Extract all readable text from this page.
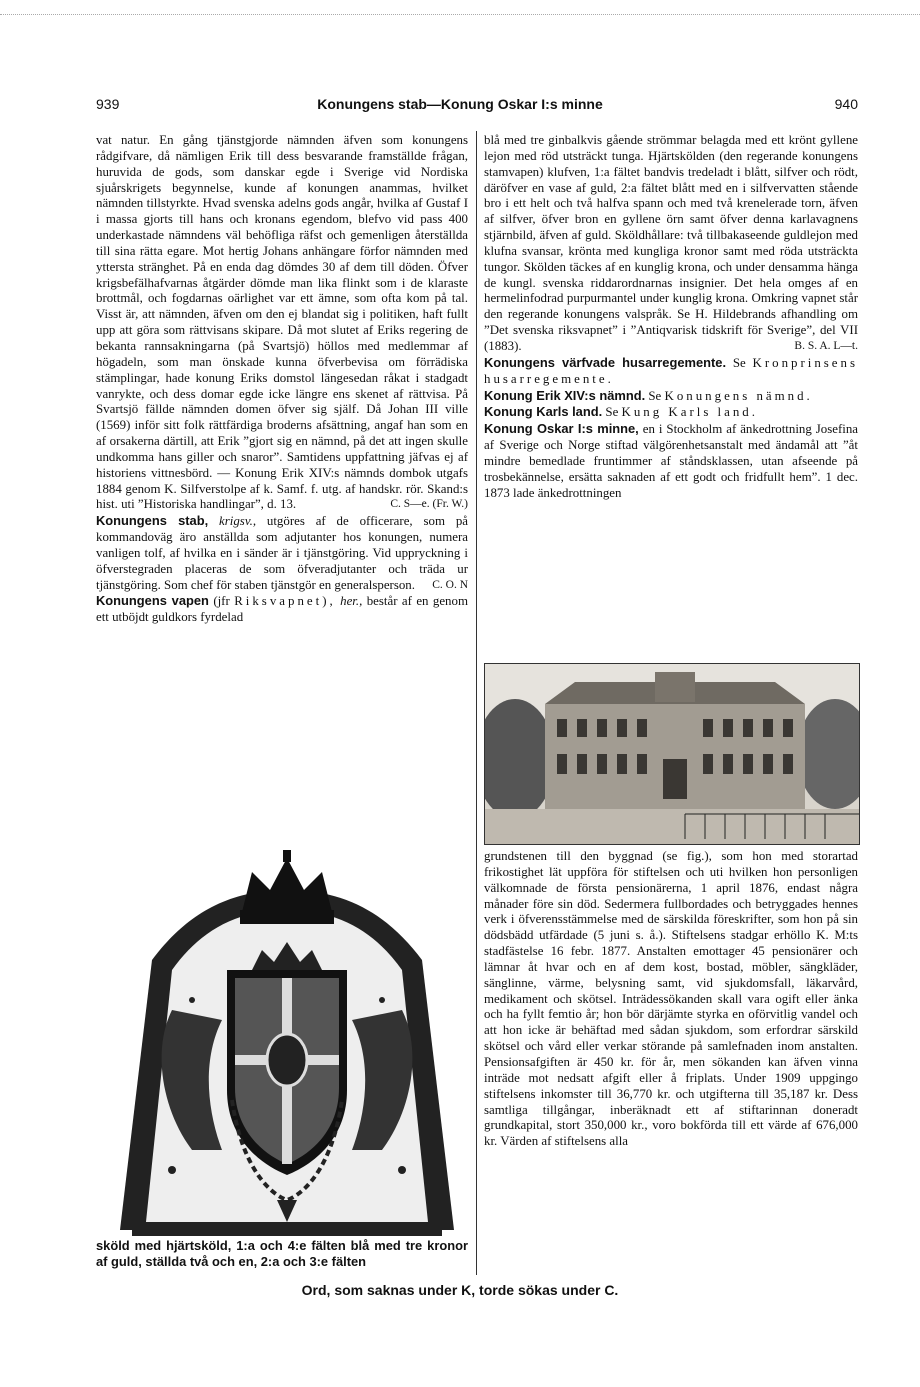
939	Konungens stab—Konung Oskar I:s minne	940

vat natur. En gång tjänstgjorde nämnden äfven som konungens rådgifvare, då nämligen Erik till dess besvarande framställde frågan, huruvida de gods, som danskar egde i Sverige vid Nordiska sjuårskrigets begynnelse, kunde af konungen anammas, hvilket nämnden tillstyrkte. Hvad svenska adelns gods angår, hvilka af Gustaf I i massa gjorts till hans och kronans egendom, blefvo vid pass 400 underkastade nämndens väl behöfliga räfst och gemenligen återställda till sina rätta egare. Mot hertig Johans anhängare förfor nämnden med yttersta stränghet. På en enda dag dömdes 30 af dem till döden. Öfver krigsbefälhafvarnas åtgärder dömde man lika flinkt som i de klaraste brottmål, och fogdarnas oärlighet var ett ämne, som ofta kom på tal. Visst är, att nämnden, äfven om den ej blandat sig i politiken, haft fullt upp att göra som rättvisans skipare. Då mot slutet af Eriks regering de bekanta rannsakningarna (på Svartsjö) höllos med medlemmar af högadeln, som man önskade kunna öfverbevisa om förrädiska stämplingar, hade konung Eriks domstol längesedan råkat i stadgadt vanrykte, och dess domar egde icke längre ens skenet af rättvisa. På Svartsjö fällde nämnden domen öfver sig själf. Då Johan III ville (1569) inför sitt folk rättfärdiga broderns afsättning, angaf han som en af orsakerna därtill, att Erik ”gjort sig en nämnd, på det att ingen skulle undkomma hans giller och snaror”. Samtidens uppfattning jäfvas ej af historiens vittnesbörd. — Konung Erik XIV:s nämnds dombok utgafs 1884 genom K. Silfverstolpe af k. Samf. f. utg. af handskr. rör. Skand:s hist. uti ”Historiska handlingar”, d. 13.	C. S—e. (Fr. W.)

Konungens stab, krigsv., utgöres af de officerare, som på kommandoväg äro anställda som adjutanter hos konungen, numera vanligen tolf, af hvilka en i sänder är i tjänstgöring. Vid uppryckning i öfverstegraden placeras de som öfveradjutanter och träda ur tjänstgöring. Som chef för staben tjänstgör en generalsperson. C. O. N

Konungens vapen (jfr Riksvapnet), her., består af en genom ett utböjdt guldkors fyrdelad

sköld med hjärtsköld, 1:a och 4:e fälten blå med tre kronor af guld, ställda två och en, 2:a och 3:e fälten

blå med tre ginbalkvis gående strömmar belagda med ett krönt gyllene lejon med röd utsträckt tunga. Hjärtskölden (den regerande konungens stamvapen) klufven, 1:a fältet bandvis tredeladt i blått, silfver och rödt, däröfver en vase af guld, 2:a fältet blått med en i silfvervatten stående bro i ett helt och två halfva spann och med två krenelerade torn, äfven af silfver, öfver bron en gyllene örn samt öfver denna karlavagnens stjärnbild, äfven af guld. Sköldhållare: två tillbakaseende guldlejon med klufna svansar, krönta med kungliga kronor samt med röda utsträckta tungor. Skölden täckes af en kunglig krona, och under densamma hänga de kungl. svenska riddarordnarnas insignier. Det hela omges af en hermelinfodrad purpurmantel under kunglig krona. Omkring vapnet står den regerande konungens valspråk. Se H. Hildebrands afhandling om ”Det svenska riksvapnet” i ”Antiqvarisk tidskrift för Sverige”, del VII (1883).	B. S. A. L—t.

Konungens värfvade husarregemente. Se Kronprinsens husarregemente.

Konung Erik XIV:s nämnd. Se Konungens nämnd.

Konung Karls land. Se Kung Karls land.

Konung Oskar I:s minne, en i Stockholm af änkedrottning Josefina af Sverige och Norge stiftad välgörenhetsanstalt med ändamål att ”åt mindre bemedlade fruntimmer af ståndsklassen, utan afseende på trosbekännelse, ersätta saknaden af ett godt och fridfullt hem”. 1 dec. 1873 lade änkedrottningen

grundstenen till den byggnad (se fig.), som hon med storartad frikostighet lät uppföra för stiftelsen och uti hvilken hon personligen välkomnade de första pensionärerna, 1 april 1876, endast några månader före sin död. Sedermera fullbordades och betryggades hennes verk i öfverensstämmelse med de särskilda föreskrifter, som hon på sin dödsbädd utfärdade (5 juni s. å.). Stiftelsens stadgar erhöllo K. M:ts stadfästelse 16 febr. 1877. Anstalten emottager 45 pensionärer och lämnar åt hvar och en af dem kost, bostad, möbler, sängkläder, sänglinne, värme, belysning samt, vid sjukdomsfall, läkarvård, medikament och skötsel. Inträdessökanden skall vara ogift eller änka och ha fyllt femtio år; hon bör därjämte styrka en oförvitlig vandel och att hon icke är behäftad med sådan sjukdom, som erfordrar särskild skötsel och vård eller verkar störande på samlefnaden inom anstalten. Pensionsafgiften är 450 kr. för år, men sökanden kan äfven vinna inträde mot nedsatt afgift eller å friplats. Under 1909 uppgingo stiftelsens inkomster till 36,770 kr. och utgifterna till 35,187 kr. Dess samtliga tillgångar, inberäknadt ett af stiftarinnan doneradt grundkapital, stort 350,000 kr., voro bokförda till ett värde af 676,000 kr. Värden af stiftelsens alla

Ord, som saknas under K, torde sökas under C.
